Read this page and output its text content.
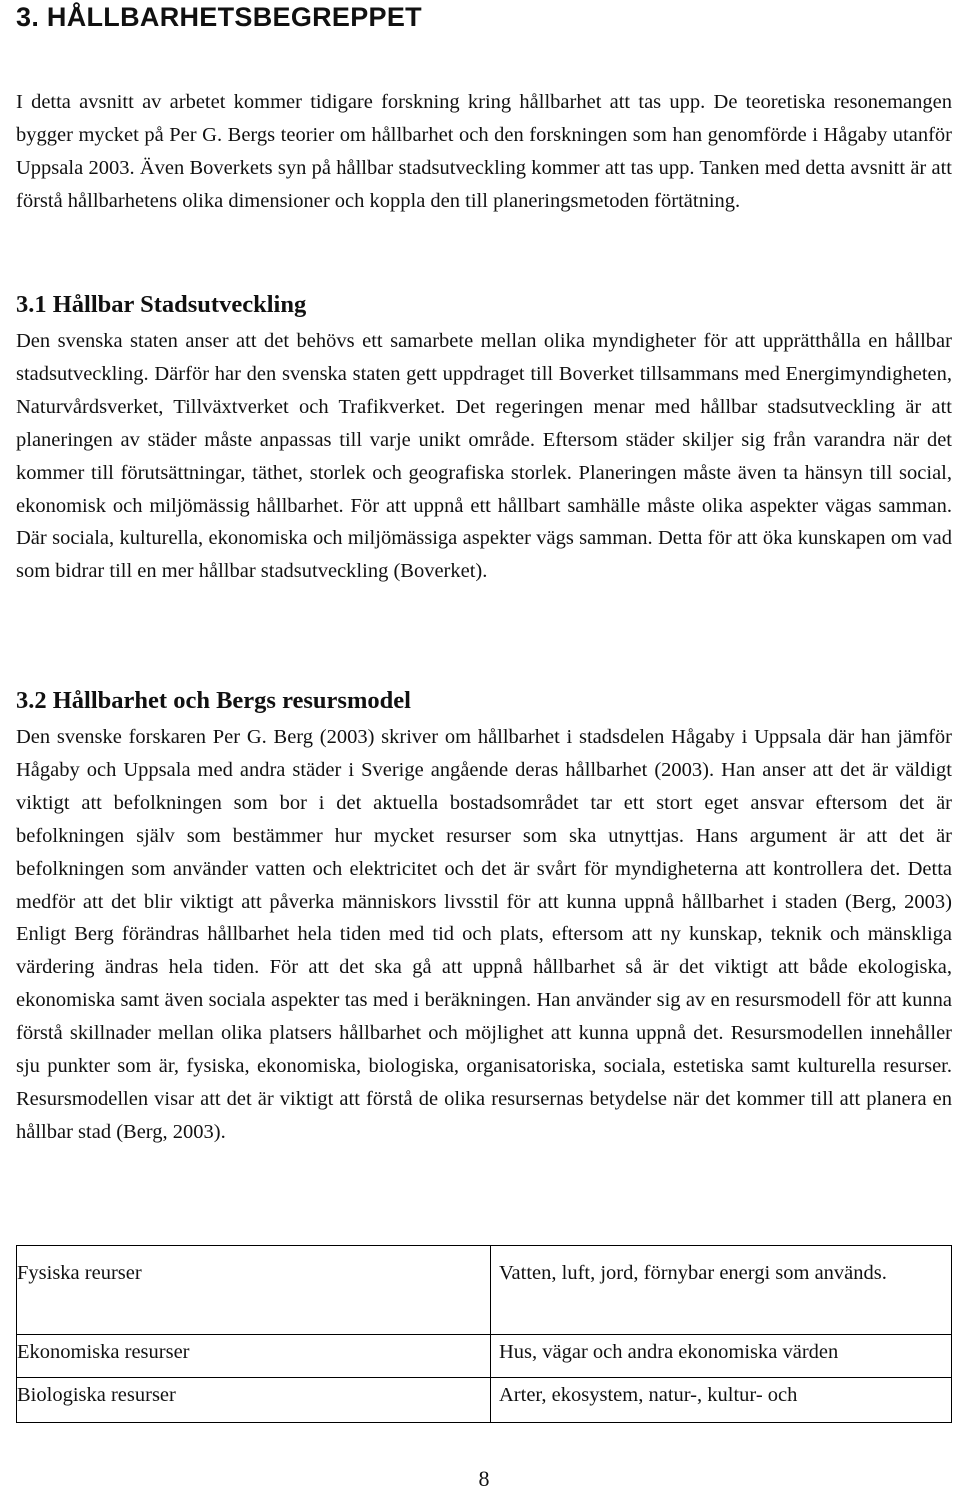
3. HÅLLBARHETSBEGREPPET

I detta avsnitt av arbetet kommer tidigare forskning kring hållbarhet att tas upp. De teoretiska resonemangen bygger mycket på Per G. Bergs teorier om hållbarhet och den forskningen som han genomförde i Hågaby utanför Uppsala 2003. Även Boverkets syn på hållbar stadsutveckling kommer att tas upp. Tanken med detta avsnitt är att förstå hållbarhetens olika dimensioner och koppla den till planeringsmetoden förtätning.

3.1 Hållbar Stadsutveckling

Den svenska staten anser att det behövs ett samarbete mellan olika myndigheter för att upprätthålla en hållbar stadsutveckling. Därför har den svenska staten gett uppdraget till Boverket tillsammans med Energimyndigheten, Naturvårdsverket, Tillväxtverket och Trafikverket. Det regeringen menar med hållbar stadsutveckling är att planeringen av städer måste anpassas till varje unikt område. Eftersom städer skiljer sig från varandra när det kommer till förutsättningar, täthet, storlek och geografiska storlek. Planeringen måste även ta hänsyn till social, ekonomisk och miljömässig hållbarhet. För att uppnå ett hållbart samhälle måste olika aspekter vägas samman. Där sociala, kulturella, ekonomiska och miljömässiga aspekter vägs samman. Detta för att öka kunskapen om vad som bidrar till en mer hållbar stadsutveckling (Boverket).

3.2 Hållbarhet och Bergs resursmodel

Den svenske forskaren Per G. Berg (2003) skriver om hållbarhet i stadsdelen Hågaby i Uppsala där han jämför Hågaby och Uppsala med andra städer i Sverige angående deras hållbarhet (2003). Han anser att det är väldigt viktigt att befolkningen som bor i det aktuella bostadsområdet tar ett stort eget ansvar eftersom det är befolkningen själv som bestämmer hur mycket resurser som ska utnyttjas. Hans argument är att det är befolkningen som använder vatten och elektricitet och det är svårt för myndigheterna att kontrollera det. Detta medför att det blir viktigt att påverka människors livsstil för att kunna uppnå hållbarhet i staden (Berg, 2003) Enligt Berg förändras hållbarhet hela tiden med tid och plats, eftersom att ny kunskap, teknik och mänskliga värdering ändras hela tiden. För att det ska gå att uppnå hållbarhet så är det viktigt att både ekologiska, ekonomiska samt även sociala aspekter tas med i beräkningen. Han använder sig av en resursmodell för att kunna förstå skillnader mellan olika platsers hållbarhet och möjlighet att kunna uppnå det. Resursmodellen innehåller sju punkter som är, fysiska, ekonomiska, biologiska, organisatoriska, sociala, estetiska samt kulturella resurser. Resursmodellen visar att det är viktigt att förstå de olika resursernas betydelse när det kommer till att planera en hållbar stad (Berg, 2003).

Fysiska reurser	Vatten, luft, jord, förnybar energi som används.
Ekonomiska resurser	Hus, vägar och andra ekonomiska värden
Biologiska resurser	Arter, ekosystem, natur-, kultur- och
8
